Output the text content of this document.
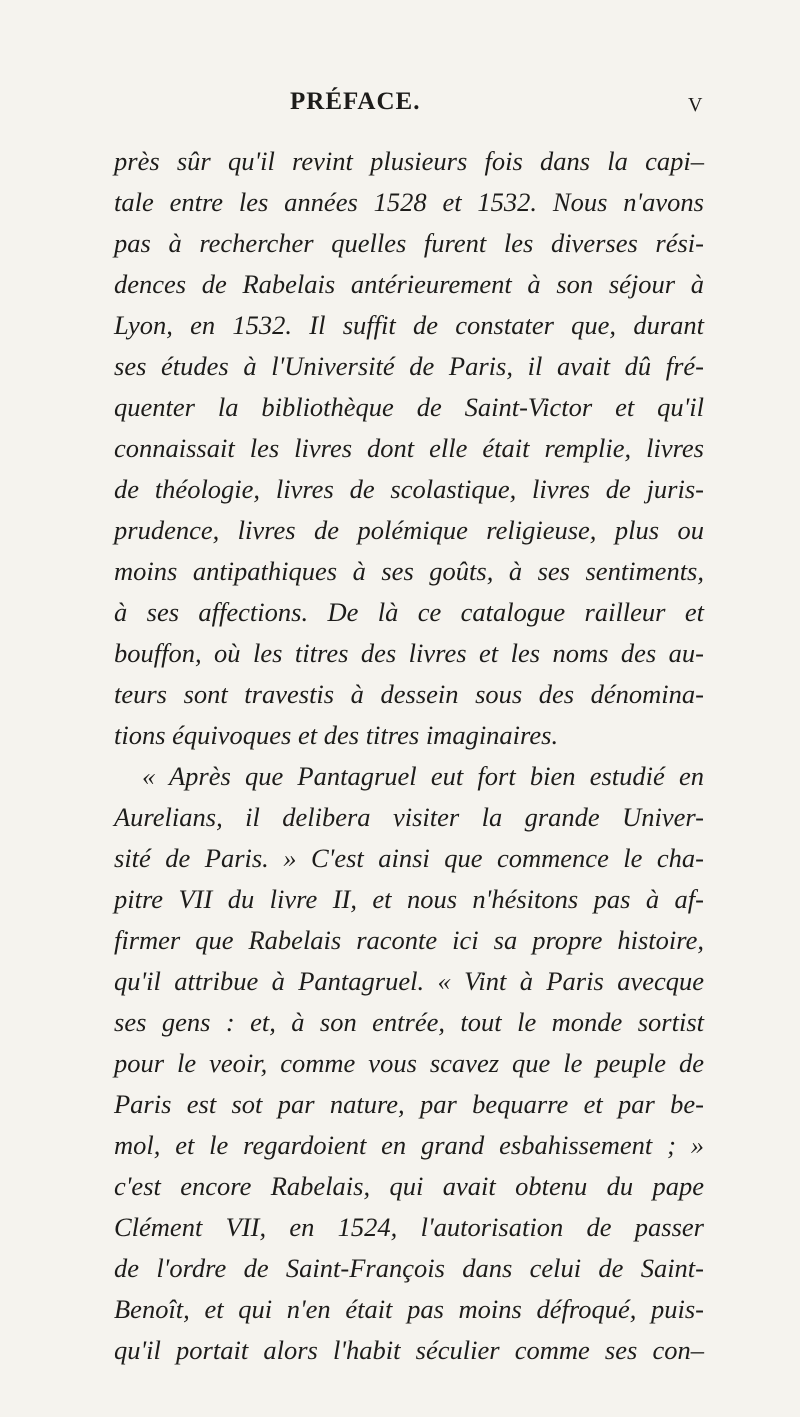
PRÉFACE.	V
près sûr qu'il revint plusieurs fois dans la capi–
tale entre les années 1528 et 1532. Nous n'avons
pas à rechercher quelles furent les diverses rési-
dences de Rabelais antérieurement à son séjour à
Lyon, en 1532. Il suffit de constater que, durant
ses études à l'Université de Paris, il avait dû fré-
quenter la bibliothèque de Saint-Victor et qu'il
connaissait les livres dont elle était remplie, livres
de théologie, livres de scolastique, livres de juris-
prudence, livres de polémique religieuse, plus ou
moins antipathiques à ses goûts, à ses sentiments,
à ses affections. De là ce catalogue railleur et
bouffon, où les titres des livres et les noms des au-
teurs sont travestis à dessein sous des dénomina-
tions équivoques et des titres imaginaires.
« Après que Pantagruel eut fort bien estudié en
Aurelians, il delibera visiter la grande Univer-
sité de Paris. » C'est ainsi que commence le cha-
pitre VII du livre II, et nous n'hésitons pas à af-
firmer que Rabelais raconte ici sa propre histoire,
qu'il attribue à Pantagruel. « Vint à Paris avecque
ses gens : et, à son entrée, tout le monde sortist
pour le veoir, comme vous scavez que le peuple de
Paris est sot par nature, par bequarre et par be-
mol, et le regardoient en grand esbahissement ; »
c'est encore Rabelais, qui avait obtenu du pape
Clément VII, en 1524, l'autorisation de passer
de l'ordre de Saint-François dans celui de Saint-
Benoît, et qui n'en était pas moins défroqué, puis-
qu'il portait alors l'habit séculier comme ses con–
